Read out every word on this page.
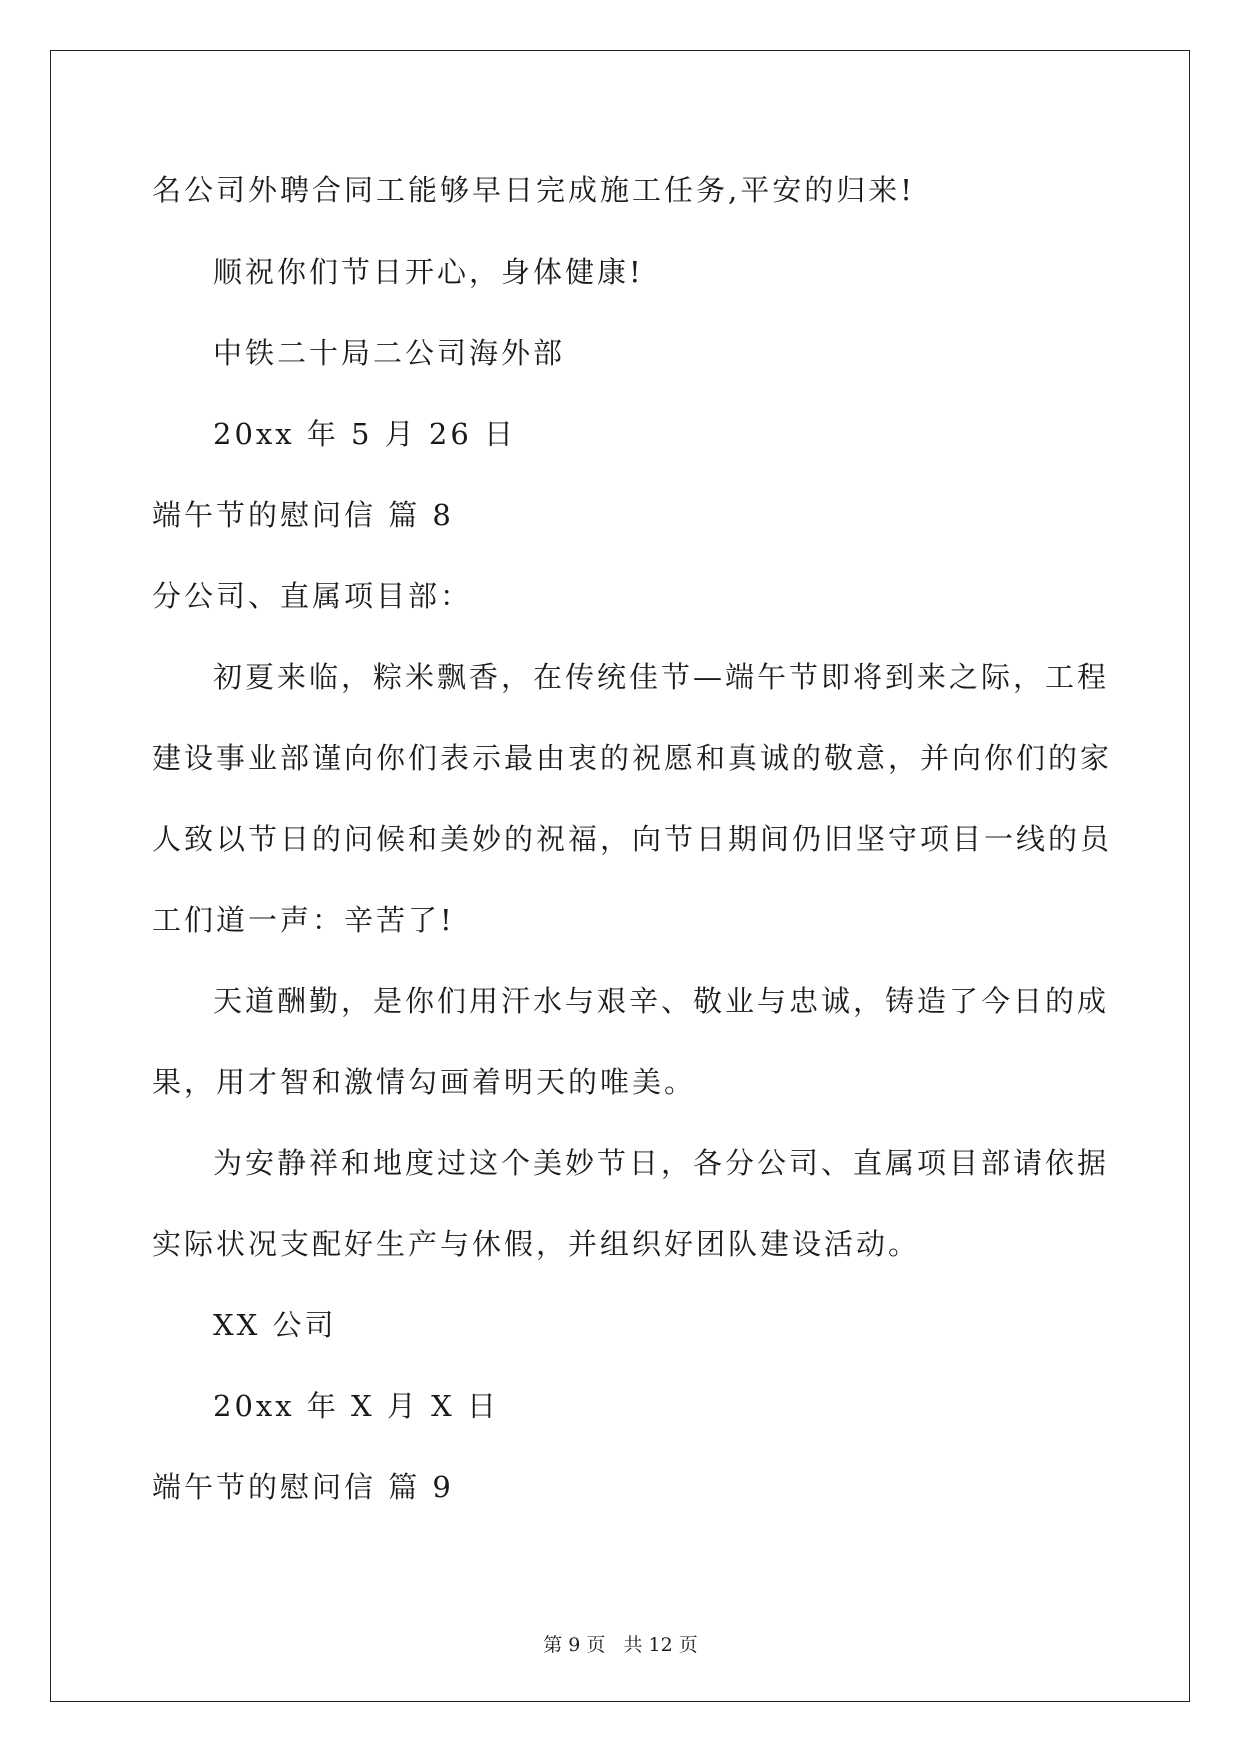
名公司外聘合同工能够早日完成施工任务,平安的归来!
顺祝你们节日开心，身体健康!
中铁二十局二公司海外部
20xx 年 5 月 26 日
端午节的慰问信 篇 8
分公司、直属项目部：
初夏来临，粽米飘香，在传统佳节—端午节即将到来之际，工程
建设事业部谨向你们表示最由衷的祝愿和真诚的敬意，并向你们的家
人致以节日的问候和美妙的祝福，向节日期间仍旧坚守项目一线的员
工们道一声：辛苦了!
天道酬勤，是你们用汗水与艰辛、敬业与忠诚，铸造了今日的成
果，用才智和激情勾画着明天的唯美。
为安静祥和地度过这个美妙节日，各分公司、直属项目部请依据
实际状况支配好生产与休假，并组织好团队建设活动。
XX 公司
20xx 年 X 月 X 日
端午节的慰问信 篇 9
第 9 页   共 12 页
